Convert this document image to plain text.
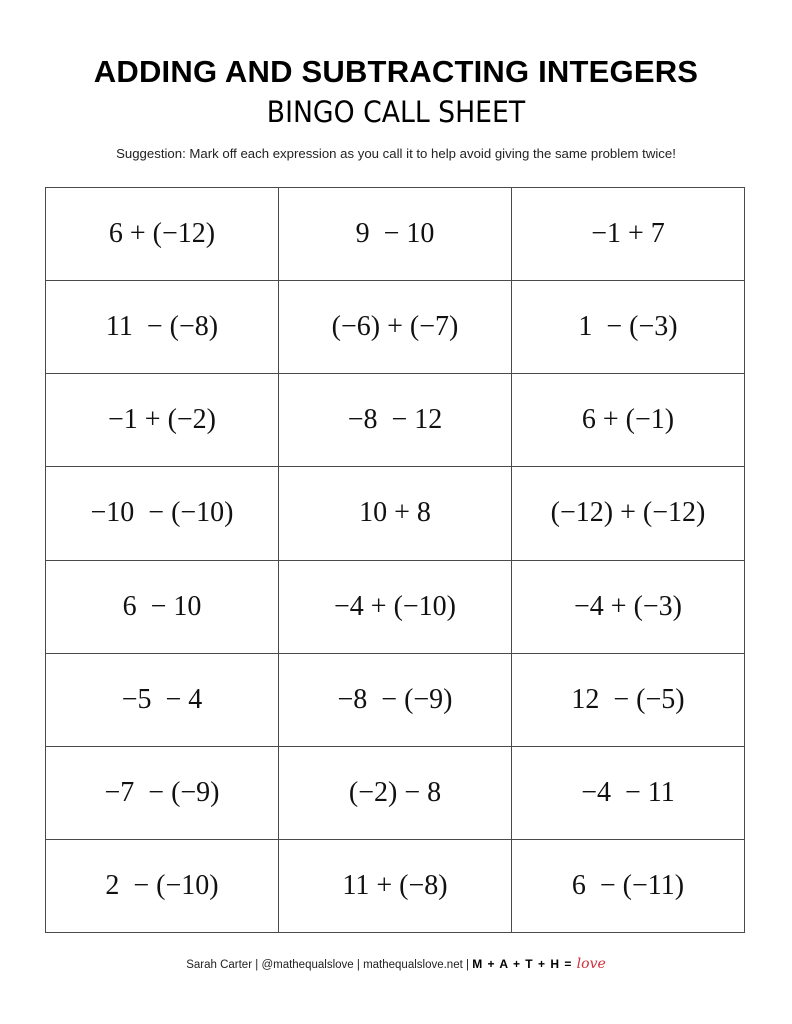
ADDING AND SUBTRACTING INTEGERS
BINGO CALL SHEET
Suggestion: Mark off each expression as you call it to help avoid giving the same problem twice!
6 + (−12)	9  − 10	−1 + 7
11  − (−8)	(−6) + (−7)	1  − (−3)
−1 + (−2)	−8  − 12	6 + (−1)
−10  − (−10)	10 + 8	(−12) + (−12)
6  − 10	−4 + (−10)	−4 + (−3)
−5  − 4	−8  − (−9)	12  − (−5)
−7  − (−9)	(−2) − 8	−4  − 11
2  − (−10)	11 + (−8)	6  − (−11)
Sarah Carter | @mathequalslove | mathequalslove.net | M + A + T + H = love
